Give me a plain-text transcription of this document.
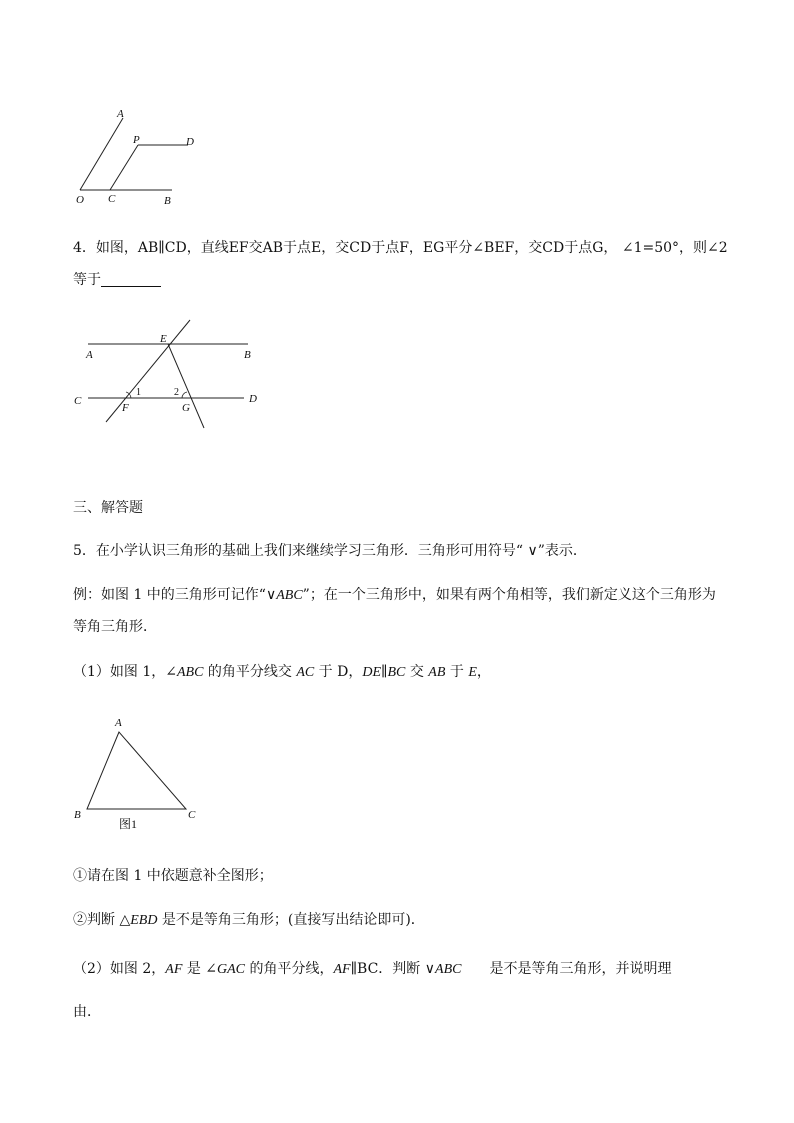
A
P	D
O C	B
4．如图，AB∥CD，直线EF交AB于点E，交CD于点F，EG平分∠BEF，交CD于点G， ∠1=50°，则∠2
等于
A	B
E
C	D
F	G
1	2
三、解答题
5．在小学认识三角形的基础上我们来继续学习三角形．三角形可用符号“ ∨”表示．
例：如图 1 中的三角形可记作“∨ABC”；在一个三角形中，如果有两个角相等，我们新定义这个三角形为
等角三角形．
（1）如图 1，∠ABC 的角平分线交 AC 于 D，DE∥BC 交 AB 于 E，
A
B	C
图1
①请在图 1 中依题意补全图形；
②判断 △EBD 是不是等角三角形；(直接写出结论即可)．
（2）如图 2，AF 是 ∠GAC 的角平分线，AF∥BC．判断 ∨ABC 是不是等角三角形，并说明理
由．
